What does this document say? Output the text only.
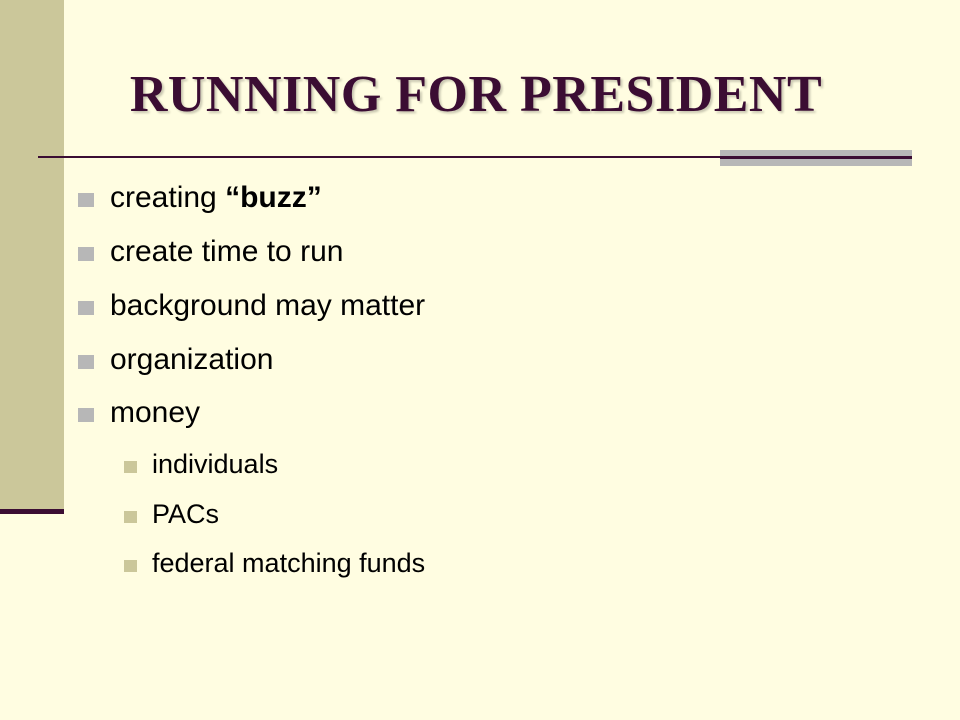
RUNNING FOR PRESIDENT
creating “buzz”
create time to run
background may matter
organization
money
individuals
PACs
federal matching funds
